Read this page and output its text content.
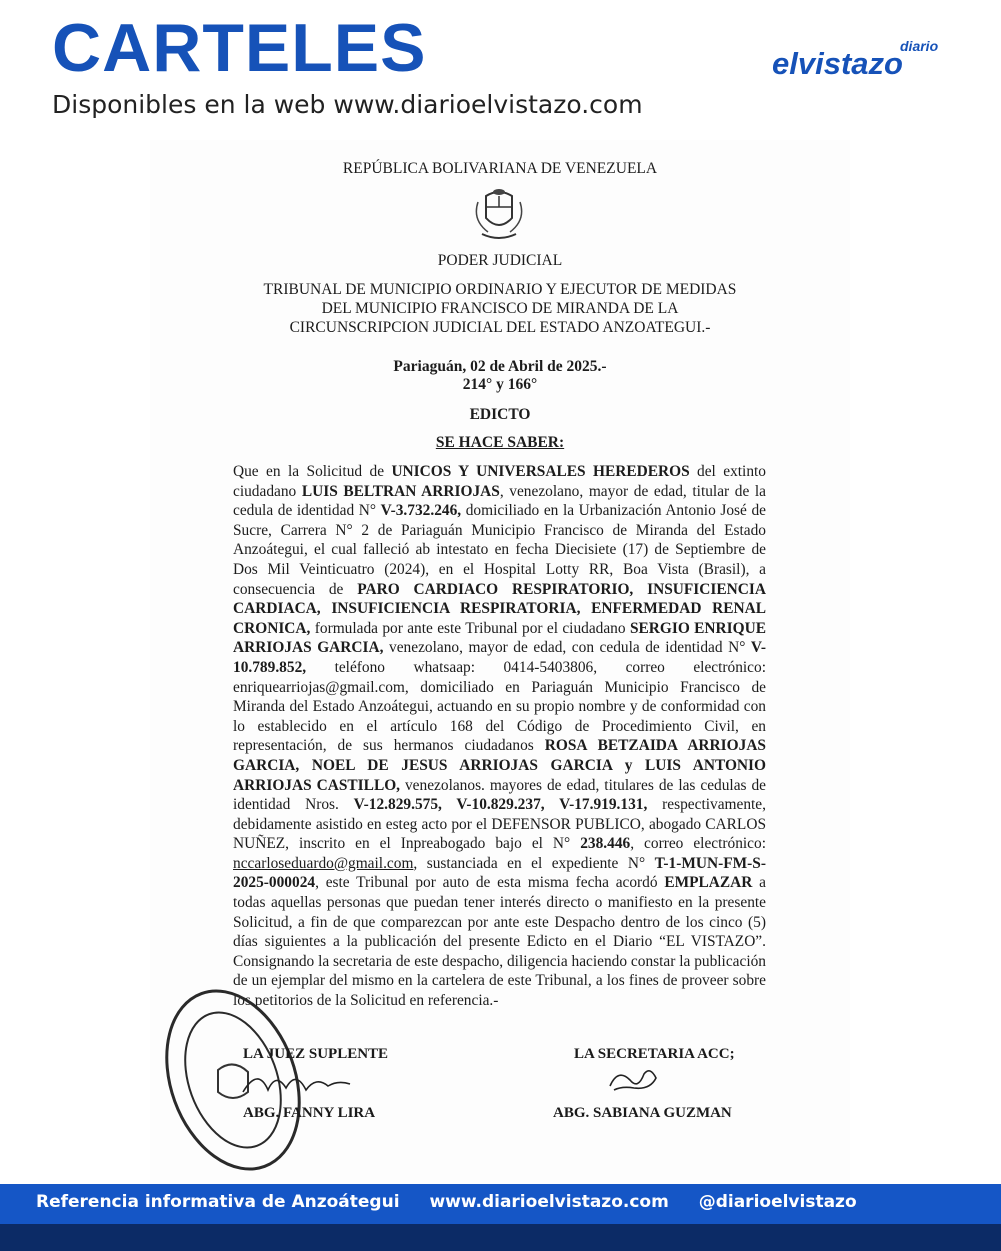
CARTELES
Disponibles en la web www.diarioelvistazo.com
diario
elvistazo
REPÚBLICA BOLIVARIANA DE VENEZUELA
PODER JUDICIAL
TRIBUNAL DE MUNICIPIO ORDINARIO Y EJECUTOR DE MEDIDAS
DEL MUNICIPIO FRANCISCO DE MIRANDA DE LA
CIRCUNSCRIPCION JUDICIAL DEL ESTADO ANZOATEGUI.-
Pariaguán, 02 de Abril de 2025.-
214° y 166°
EDICTO
SE HACE SABER:
Que en la Solicitud de UNICOS Y UNIVERSALES HEREDEROS del extinto ciudadano LUIS BELTRAN ARRIOJAS, venezolano, mayor de edad, titular de la cedula de identidad N° V-3.732.246, domiciliado en la Urbanización Antonio José de Sucre, Carrera N° 2 de Pariaguán Municipio Francisco de Miranda del Estado Anzoátegui, el cual falleció ab intestato en fecha Diecisiete (17) de Septiembre de Dos Mil Veinticuatro (2024), en el Hospital Lotty RR, Boa Vista (Brasil), a consecuencia de PARO CARDIACO RESPIRATORIO, INSUFICIENCIA CARDIACA, INSUFICIENCIA RESPIRATORIA, ENFERMEDAD RENAL CRONICA, formulada por ante este Tribunal por el ciudadano SERGIO ENRIQUE ARRIOJAS GARCIA, venezolano, mayor de edad, con cedula de identidad N° V-10.789.852, teléfono whatsaap: 0414-5403806, correo electrónico: enriquearriojas@gmail.com, domiciliado en Pariaguán Municipio Francisco de Miranda del Estado Anzoátegui, actuando en su propio nombre y de conformidad con lo establecido en el artículo 168 del Código de Procedimiento Civil, en representación, de sus hermanos ciudadanos ROSA BETZAIDA ARRIOJAS GARCIA, NOEL DE JESUS ARRIOJAS GARCIA y LUIS ANTONIO ARRIOJAS CASTILLO, venezolanos. mayores de edad, titulares de las cedulas de identidad Nros. V-12.829.575, V-10.829.237, V-17.919.131, respectivamente, debidamente asistido en esteg acto por el DEFENSOR PUBLICO, abogado CARLOS NUÑEZ, inscrito en el Inpreabogado bajo el N° 238.446, correo electrónico: nccarloseduardo@gmail.com, sustanciada en el expediente N° T-1-MUN-FM-S-2025-000024, este Tribunal por auto de esta misma fecha acordó EMPLAZAR a todas aquellas personas que puedan tener interés directo o manifiesto en la presente Solicitud, a fin de que comparezcan por ante este Despacho dentro de los cinco (5) días siguientes a la publicación del presente Edicto en el Diario “EL VISTAZO”. Consignando la secretaria de este despacho, diligencia haciendo constar la publicación de un ejemplar del mismo en la cartelera de este Tribunal, a los fines de proveer sobre los petitorios de la Solicitud en referencia.-
LA JUEZ SUPLENTE	LA SECRETARIA ACC;
ABG. FANNY LIRA	ABG. SABIANA GUZMAN
Referencia informativa de Anzoátegui www.diarioelvistazo.com @diarioelvistazo
